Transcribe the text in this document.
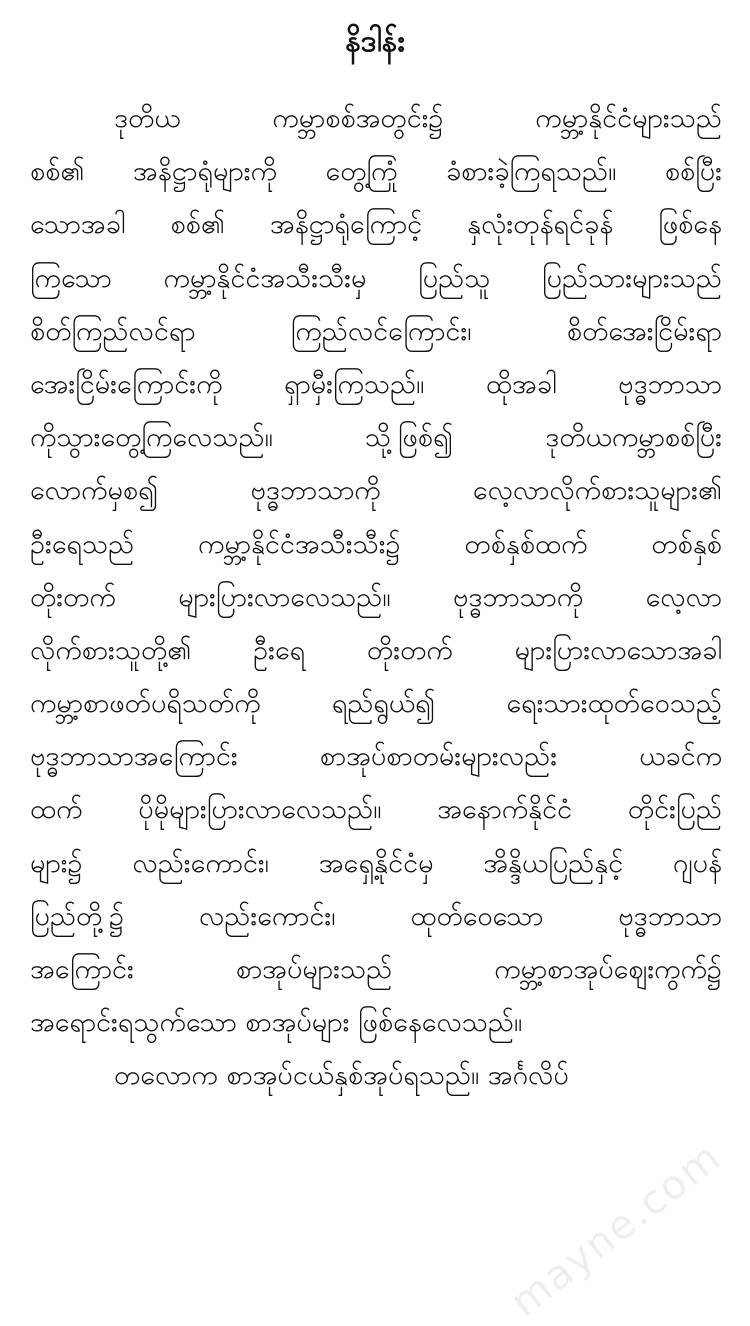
နိဒါန်း
ဒုတိယ ကမ္ဘာစစ်အတွင်း၌ ကမ္ဘာ့နိုင်ငံများသည်
စစ်၏ အနိဋ္ဌာရုံများကို တွေ့ကြုံ ခံစားခဲ့ကြရသည်။ စစ်ပြီး
သောအခါ စစ်၏ အနိဋ္ဌာရုံကြောင့် နှလုံးတုန်ရင်ခုန် ဖြစ်နေ
ကြသော ကမ္ဘာ့နိုင်ငံအသီးသီးမှ ပြည်သူ ပြည်သားများသည်
စိတ်ကြည်လင်ရာ ကြည်လင်ကြောင်း၊ စိတ်အေးငြိမ်းရာ
အေးငြိမ်းကြောင်းကို ရှာမှီးကြသည်။ ထိုအခါ ဗုဒ္ဓဘာသာ
ကိုသွားတွေ့ကြလေသည်။ သို့ဖြစ်၍ ဒုတိယကမ္ဘာစစ်ပြီး
လောက်မှစ၍ ဗုဒ္ဓဘာသာကို လေ့လာလိုက်စားသူများ၏
ဦးရေသည် ကမ္ဘာ့နိုင်ငံအသီးသီး၌ တစ်နှစ်ထက် တစ်နှစ်
တိုးတက် များပြားလာလေသည်။ ဗုဒ္ဓဘာသာကို လေ့လာ
လိုက်စားသူတို့၏ ဦးရေ တိုးတက် များပြားလာသောအခါ
ကမ္ဘာ့စာဖတ်ပရိသတ်ကို ရည်ရွယ်၍ ရေးသားထုတ်ဝေသည့်
ဗုဒ္ဓဘာသာအကြောင်း စာအုပ်စာတမ်းများလည်း ယခင်က
ထက် ပိုမိုများပြားလာလေသည်။ အနောက်နိုင်ငံ တိုင်းပြည်
များ၌ လည်းကောင်း၊ အရှေ့နိုင်ငံမှ အိန္ဒိယပြည်နှင့် ဂျပန်
ပြည်တို့၌ လည်းကောင်း၊ ထုတ်ဝေသော ဗုဒ္ဓဘာသာ
အကြောင်း စာအုပ်များသည် ကမ္ဘာ့စာအုပ်ဈေးကွက်၌
အရောင်းရသွက်သော စာအုပ်များ ဖြစ်နေလေသည်။
တလောက စာအုပ်ငယ်နှစ်အုပ်ရသည်။ အင်္ဂလိပ်
mayne.com
